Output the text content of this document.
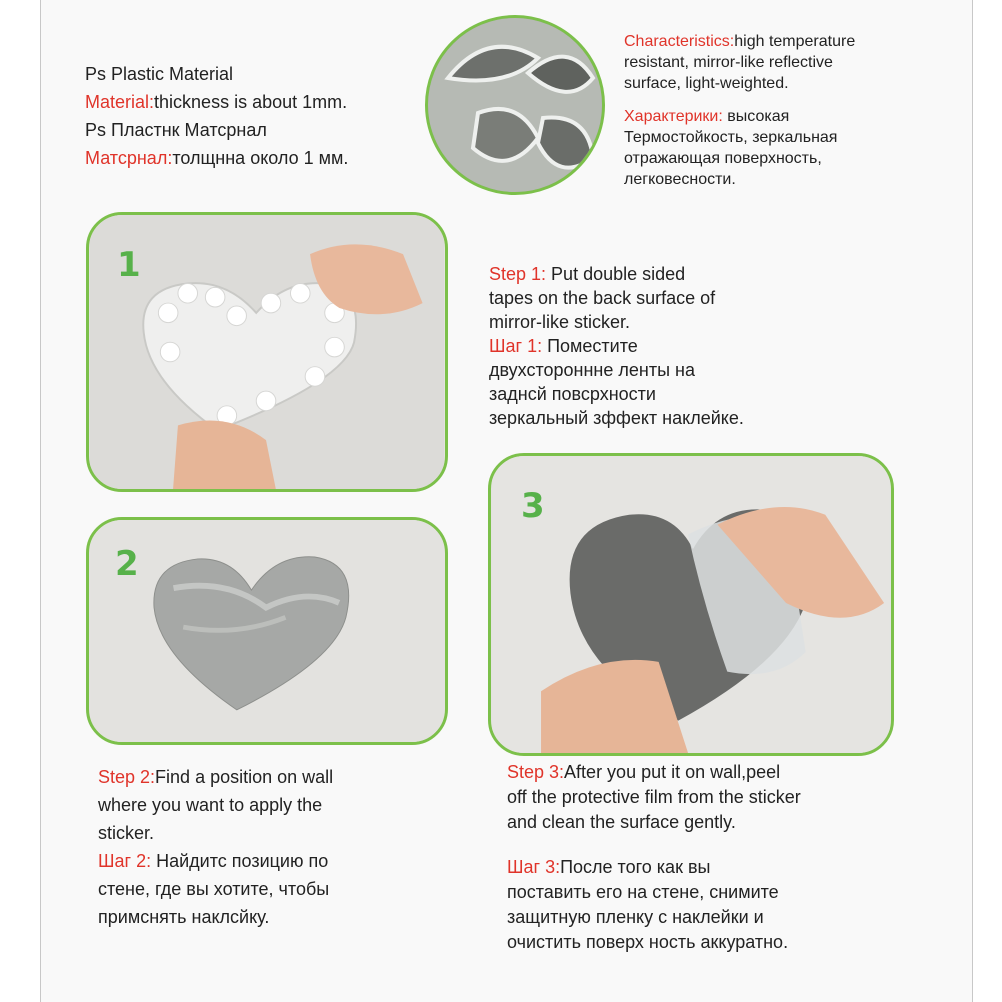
Ps Plastic Material

Material:thickness is about 1mm.

Ps Пластнк Матсрнал

Матсрнал:толщнна около 1 мм.

Characteristics:high temperature

resistant, mirror-like reflective

surface, light-weighted.

Характерики: высокая

Термостойкость, зеркальная

отражающая поверхность,

легковесности.

1	Step 1: Put double sided

tapes on the back surface of

mirror-like sticker.

Шаг 1: Поместите

двухстороннне ленты на

заднсй повсрхности

зеркальный зффект наклейке.

2

Step 2:Find a position on wall

where you want to apply the

sticker.

Шаг 2: Найдитс позицию по

стене, где вы хотите, чтобы

примснять наклсйку.

3

Step 3:After you put it on wall,peel

off the protective film from the sticker

and clean the surface gently.

Шаг 3:После того как вы

поставить его на стене, снимите

защитную пленку с наклейки и

очистить поверх ность аккуратно.
